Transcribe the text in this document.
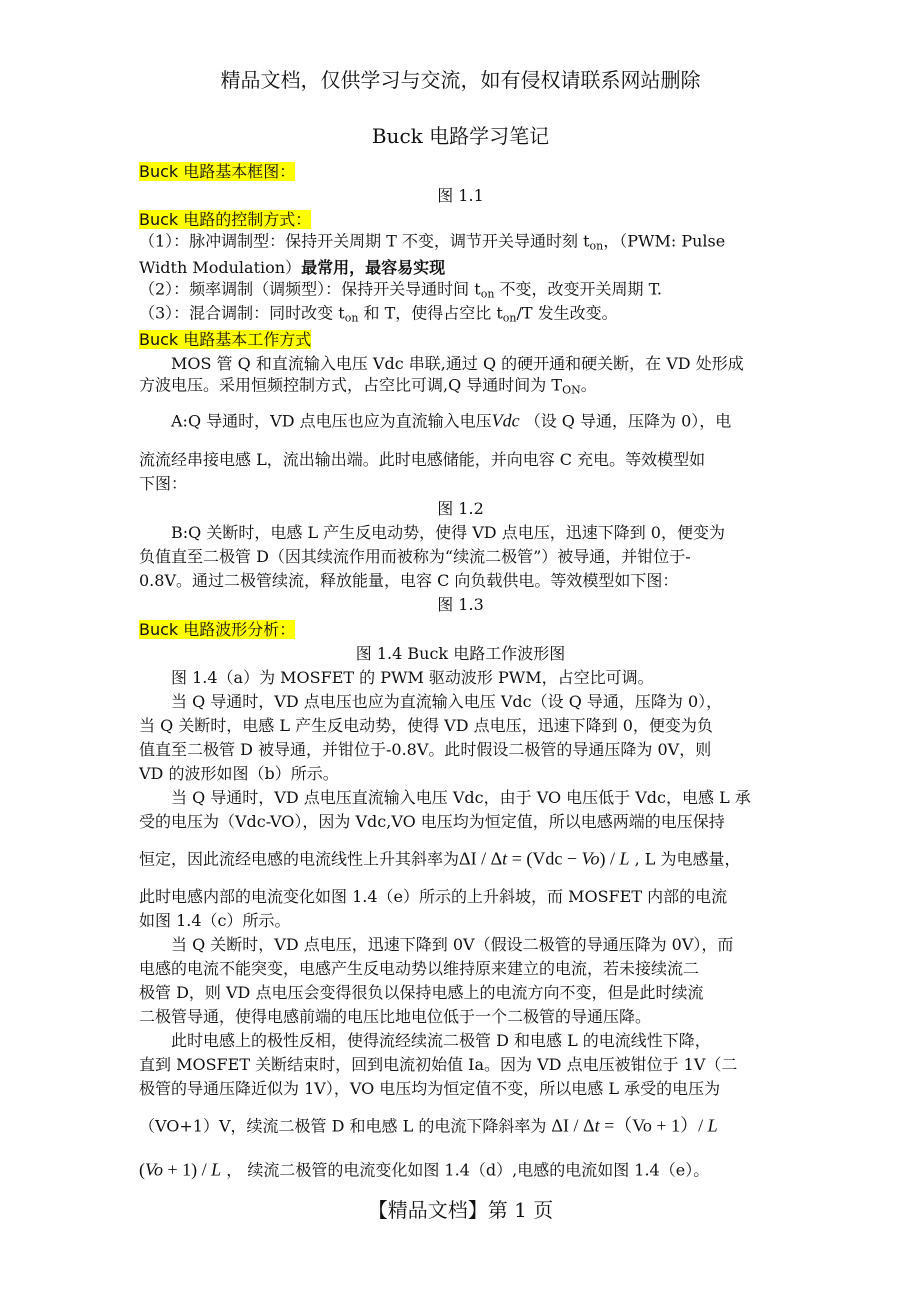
精品文档，仅供学习与交流，如有侵权请联系网站删除
Buck 电路学习笔记
Buck 电路基本框图：
图 1.1
Buck 电路的控制方式：
（1）：脉冲调制型：保持开关周期 T 不变，调节开关导通时刻 $t_{on}$，（PWM: Pulse
Width Modulation）最常用，最容易实现
（2）：频率调制（调频型）：保持开关导通时间 $t_{on}$ 不变，改变开关周期 T.
（3）：混合调制：同时改变 $t_{on}$ 和 T，使得占空比 $t_{on}/T$ 发生改变。
Buck 电路基本工作方式
MOS 管 Q 和直流输入电压 Vdc 串联,通过 Q 的硬开通和硬关断，在 VD 处形成
方波电压。采用恒频控制方式，占空比可调,Q 导通时间为 $T_{ON}$。
A:Q 导通时，VD 点电压也应为直流输入电压Vdc （设 Q 导通，压降为 0），电
流流经串接电感 L，流出输出端。此时电感储能，并向电容 C 充电。等效模型如
下图：
图 1.2
B:Q 关断时，电感 L 产生反电动势，使得 VD 点电压，迅速下降到 0，便变为
负值直至二极管 D（因其续流作用而被称为“续流二极管”）被导通，并钳位于-
0.8V。通过二极管续流，释放能量，电容 C 向负载供电。等效模型如下图：
图 1.3
Buck 电路波形分析：
图 1.4 Buck 电路工作波形图
图 1.4（a）为 MOSFET 的 PWM 驱动波形 PWM，占空比可调。
当 Q 导通时，VD 点电压也应为直流输入电压 Vdc（设 Q 导通，压降为 0），
当 Q 关断时，电感 L 产生反电动势，使得 VD 点电压，迅速下降到 0，便变为负
值直至二极管 D 被导通，并钳位于-0.8V。此时假设二极管的导通压降为 0V，则
VD 的波形如图（b）所示。
当 Q 导通时，VD 点电压直流输入电压 Vdc，由于 VO 电压低于 Vdc，电感 L 承
受的电压为（Vdc-VO），因为 Vdc,VO 电压均为恒定值，所以电感两端的电压保持
恒定，因此流经电感的电流线性上升其斜率为ΔI / Δt = (Vdc − Vo) / L , L 为电感量，
此时电感内部的电流变化如图 1.4（e）所示的上升斜坡，而 MOSFET 内部的电流
如图 1.4（c）所示。
当 Q 关断时，VD 点电压，迅速下降到 0V（假设二极管的导通压降为 0V），而
电感的电流不能突变，电感产生反电动势以维持原来建立的电流，若未接续流二
极管 D，则 VD 点电压会变得很负以保持电感上的电流方向不变，但是此时续流
二极管导通，使得电感前端的电压比地电位低于一个二极管的导通压降。
此时电感上的极性反相，使得流经续流二极管 D 和电感 L 的电流线性下降，
直到 MOSFET 关断结束时，回到电流初始值 Ia。因为 VD 点电压被钳位于 1V（二
极管的导通压降近似为 1V），VO 电压均为恒定值不变，所以电感 L 承受的电压为
（VO+1）V，续流二极管 D 和电感 L 的电流下降斜率为 ΔI / Δt =（Vo + 1）/ L
(Vo + 1) / L ， 续流二极管的电流变化如图 1.4（d）,电感的电流如图 1.4（e）。
【精品文档】第 1 页
